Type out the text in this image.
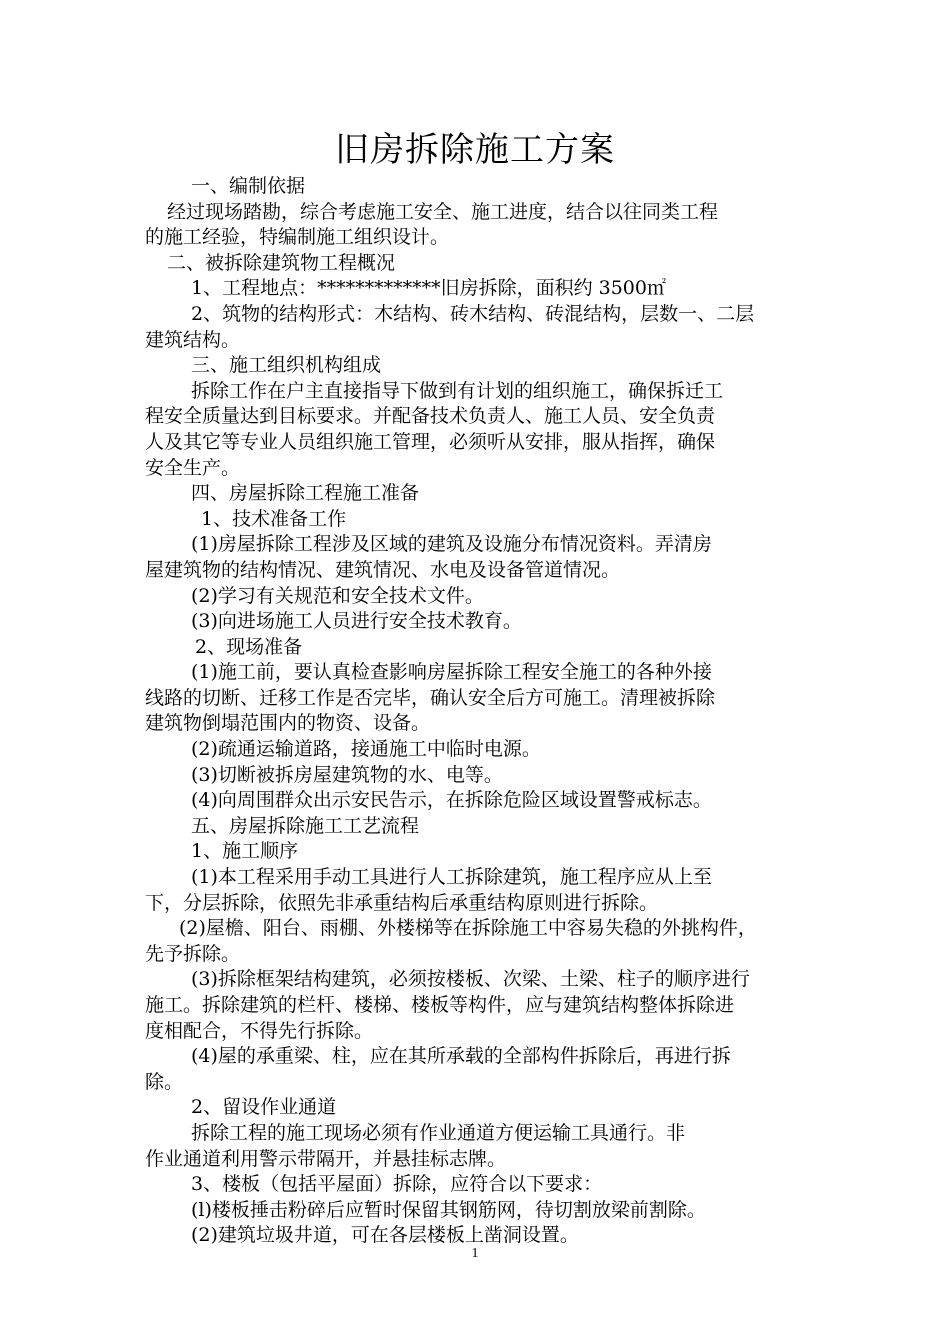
旧房拆除施工方案

一、编制依据

经过现场踏勘，综合考虑施工安全、施工进度，结合以往同类工程

的施工经验，特编制施工组织设计。

二、被拆除建筑物工程概况

1、工程地点：*************旧房拆除，面积约 3500㎡

2、筑物的结构形式：木结构、砖木结构、砖混结构，层数一、二层

建筑结构。

三、施工组织机构组成

拆除工作在户主直接指导下做到有计划的组织施工，确保拆迁工

程安全质量达到目标要求。并配备技术负责人、施工人员、安全负责

人及其它等专业人员组织施工管理，必须听从安排，服从指挥，确保

安全生产。

四、房屋拆除工程施工准备

1、技术准备工作

(1)房屋拆除工程涉及区域的建筑及设施分布情况资料。弄清房

屋建筑物的结构情况、建筑情况、水电及设备管道情况。

(2)学习有关规范和安全技术文件。

(3)向进场施工人员进行安全技术教育。

2、现场准备

(1)施工前，要认真检查影响房屋拆除工程安全施工的各种外接

线路的切断、迁移工作是否完毕，确认安全后方可施工。清理被拆除

建筑物倒塌范围内的物资、设备。

(2)疏通运输道路，接通施工中临时电源。

(3)切断被拆房屋建筑物的水、电等。

(4)向周围群众出示安民告示，在拆除危险区域设置警戒标志。

五、房屋拆除施工工艺流程

1、施工顺序

(1)本工程采用手动工具进行人工拆除建筑，施工程序应从上至

下，分层拆除，依照先非承重结构后承重结构原则进行拆除。

(2)屋檐、阳台、雨棚、外楼梯等在拆除施工中容易失稳的外挑构件，

先予拆除。

(3)拆除框架结构建筑，必须按楼板、次梁、土梁、柱子的顺序进行

施工。拆除建筑的栏杆、楼梯、楼板等构件，应与建筑结构整体拆除进

度相配合，不得先行拆除。

(4)屋的承重梁、柱，应在其所承载的全部构件拆除后，再进行拆

除。

2、留设作业通道

拆除工程的施工现场必须有作业通道方便运输工具通行。非

作业通道利用警示带隔开，并悬挂标志牌。

3、楼板（包括平屋面）拆除，应符合以下要求：

(l)楼板捶击粉碎后应暂时保留其钢筋网，待切割放梁前割除。

(2)建筑垃圾井道，可在各层楼板上凿洞设置。

1
